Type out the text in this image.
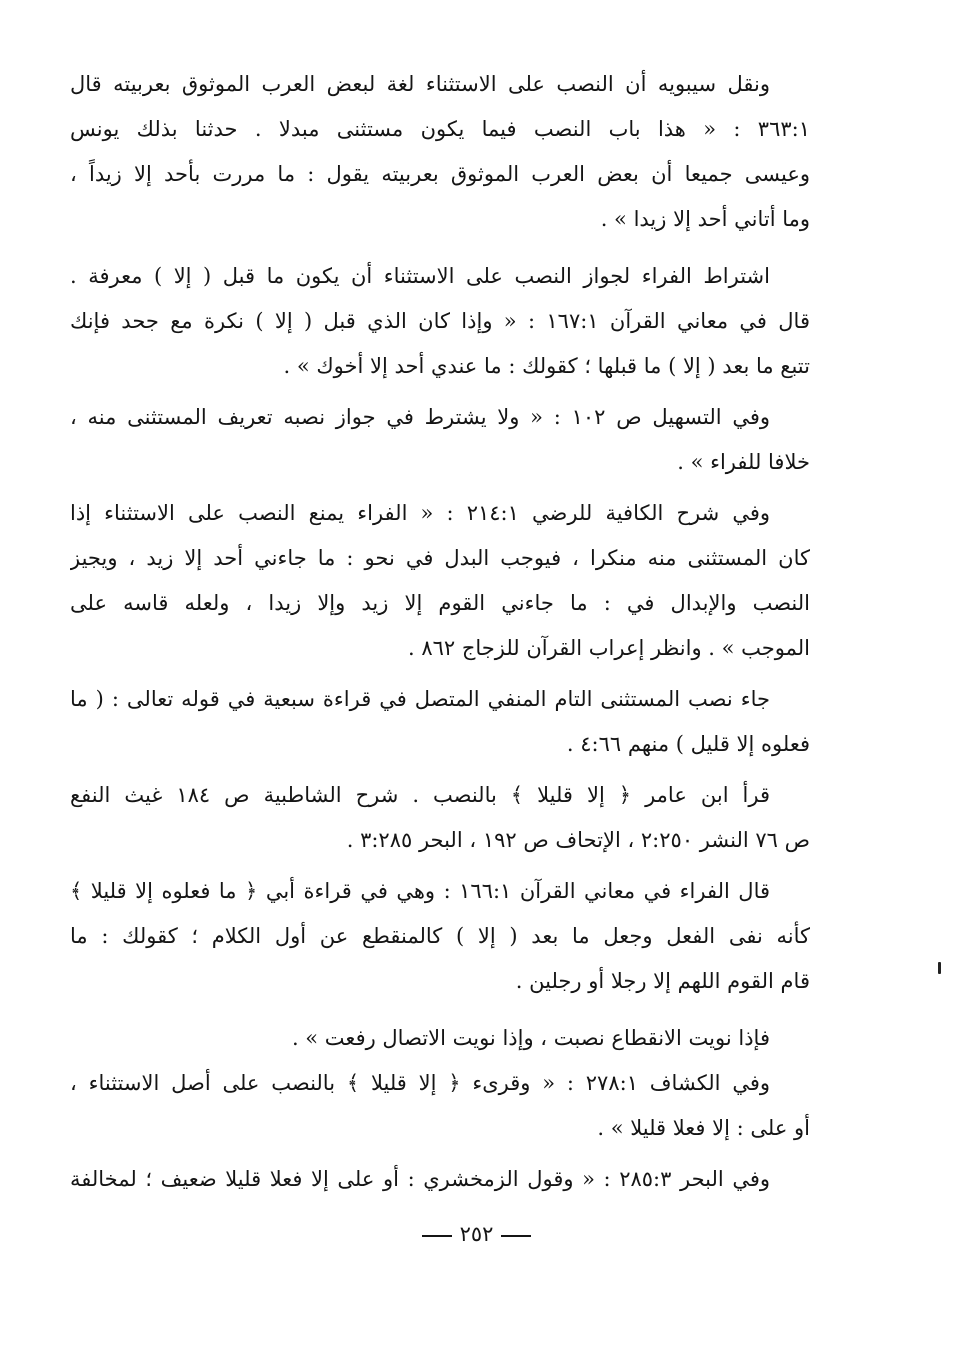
ونقل سيبويه أن النصب على الاستثناء لغة لبعض العرب الموثوق بعربيته قال
٣٦٣:١ : « هذا باب النصب فيما يكون مستثنى مبدلا . حدثنا بذلك يونس
وعيسى جميعا أن بعض العرب الموثوق بعربيته يقول : ما مررت بأحد إلا زيداً ،
وما أتاني أحد إلا زيدا » .
اشتراط الفراء لجواز النصب على الاستثناء أن يكون ما قبل ( إلا ) معرفة .
قال في معاني القرآن ١٦٧:١ : « وإذا كان الذي قبل ( إلا ) نكرة مع جحد فإنك
تتبع ما بعد ( إلا ) ما قبلها ؛ كقولك : ما عندي أحد إلا أخوك » .
وفي التسهيل ص ١٠٢ : « ولا يشترط في جواز نصبه تعريف المستثنى منه ،
خلافا للفراء » .
وفي شرح الكافية للرضي ٢١٤:١ : « الفراء يمنع النصب على الاستثناء إذا
كان المستثنى منه منكرا ، فيوجب البدل في نحو : ما جاءني أحد إلا زيد ، ويجيز
النصب والإبدال في : ما جاءني القوم إلا زيد وإلا زيدا ، ولعله قاسه على
الموجب » . وانظر إعراب القرآن للزجاج ٨٦٢ .
جاء نصب المستثنى التام المنفي المتصل في قراءة سبعية في قوله تعالى : ( ما
فعلوه إلا قليل ) منهم ٤:٦٦ .
قرأ ابن عامر ﴿ إلا قليلا ﴾ بالنصب . شرح الشاطبية ص ١٨٤ غيث النفع
ص ٧٦ النشر ٢:٢٥٠ ، الإتحاف ص ١٩٢ ، البحر ٣:٢٨٥ .
قال الفراء في معاني القرآن ١٦٦:١ : وهي في قراءة أبي ﴿ ما فعلوه إلا قليلا ﴾
كأنه نفى الفعل وجعل ما بعد ( إلا ) كالمنقطع عن أول الكلام ؛ كقولك : ما
قام القوم اللهم إلا رجلا أو رجلين .
فإذا نويت الانقطاع نصبت ، وإذا نويت الاتصال رفعت » .
وفي الكشاف ٢٧٨:١ : « وقرىء ﴿ إلا قليلا ﴾ بالنصب على أصل الاستثناء ،
أو على : إلا فعلا قليلا » .
وفي البحر ٢٨٥:٣ : « وقول الزمخشري : أو على إلا فعلا قليلا ضعيف ؛ لمخالفة
٢٥٢
